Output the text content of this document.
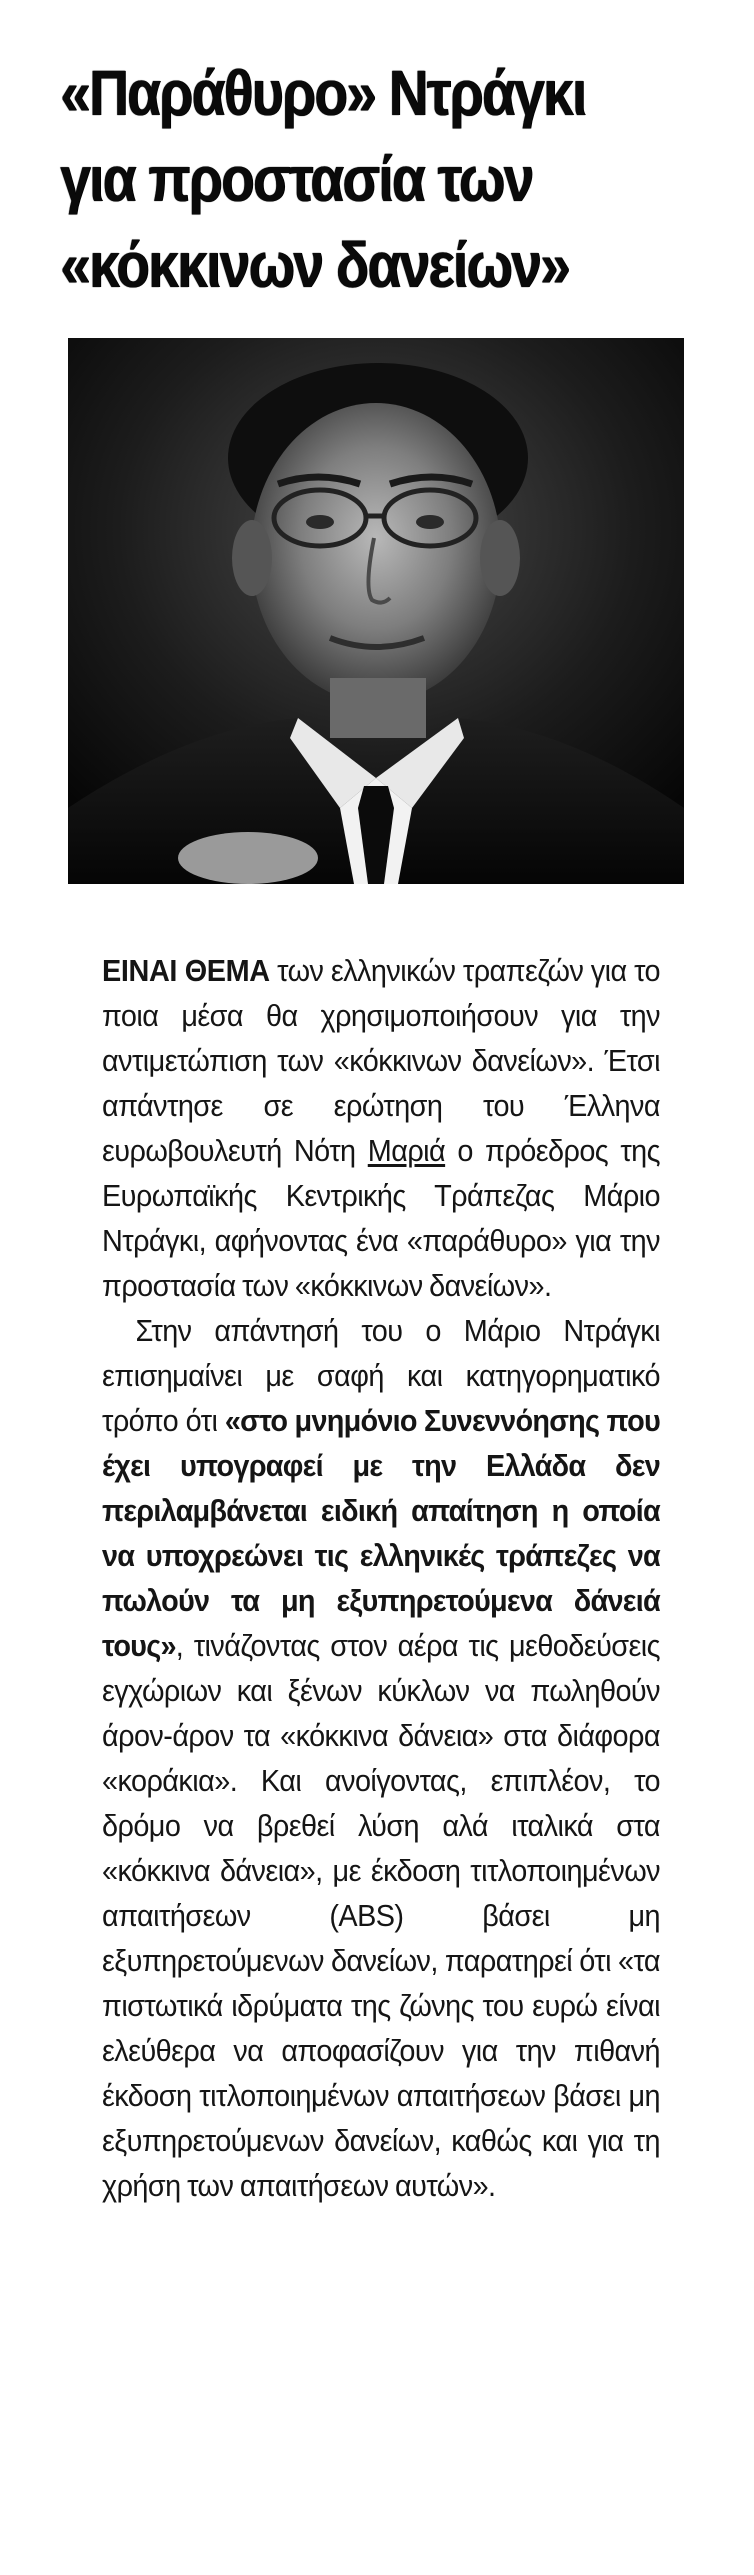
«Παράθυρο» Ντράγκι
για προστασία των
«κόκκινων δανείων»

ΕΙΝΑΙ ΘΕΜΑ των ελληνικών τραπεζών για το ποια μέσα θα χρησιμοποιήσουν για την αντιμετώπιση των «κόκκινων δανείων». Έτσι απάντησε σε ερώτηση του Έλληνα ευρωβουλευτή Νότη Μαριά ο πρόεδρος της Ευρωπαϊκής Κεντρικής Τράπεζας Μάριο Ντράγκι, αφήνοντας ένα «παράθυρο» για την προστασία των «κόκκινων δανείων».

Στην απάντησή του ο Μάριο Ντράγκι επισημαίνει με σαφή και κατηγορηματικό τρόπο ότι «στο μνημόνιο Συνεννόησης που έχει υπογραφεί με την Ελλάδα δεν περιλαμβάνεται ειδική απαίτηση η οποία να υποχρεώνει τις ελληνικές τράπεζες να πωλούν τα μη εξυπηρετούμενα δάνειά τους», τινάζοντας στον αέρα τις μεθοδεύσεις εγχώριων και ξένων κύκλων να πωληθούν άρον-άρον τα «κόκκινα δάνεια» στα διάφορα «κοράκια». Και ανοίγοντας, επιπλέον, το δρόμο να βρεθεί λύση αλά ιταλικά στα «κόκκινα δάνεια», με έκδοση τιτλοποιημένων απαιτήσεων (ABS) βάσει μη εξυπηρετούμενων δανείων, παρατηρεί ότι «τα πιστωτικά ιδρύματα της ζώνης του ευρώ είναι ελεύθερα να αποφασίζουν για την πιθανή έκδοση τιτλοποιημένων απαιτήσεων βάσει μη εξυπηρετούμενων δανείων, καθώς και για τη χρήση των απαιτήσεων αυτών».
